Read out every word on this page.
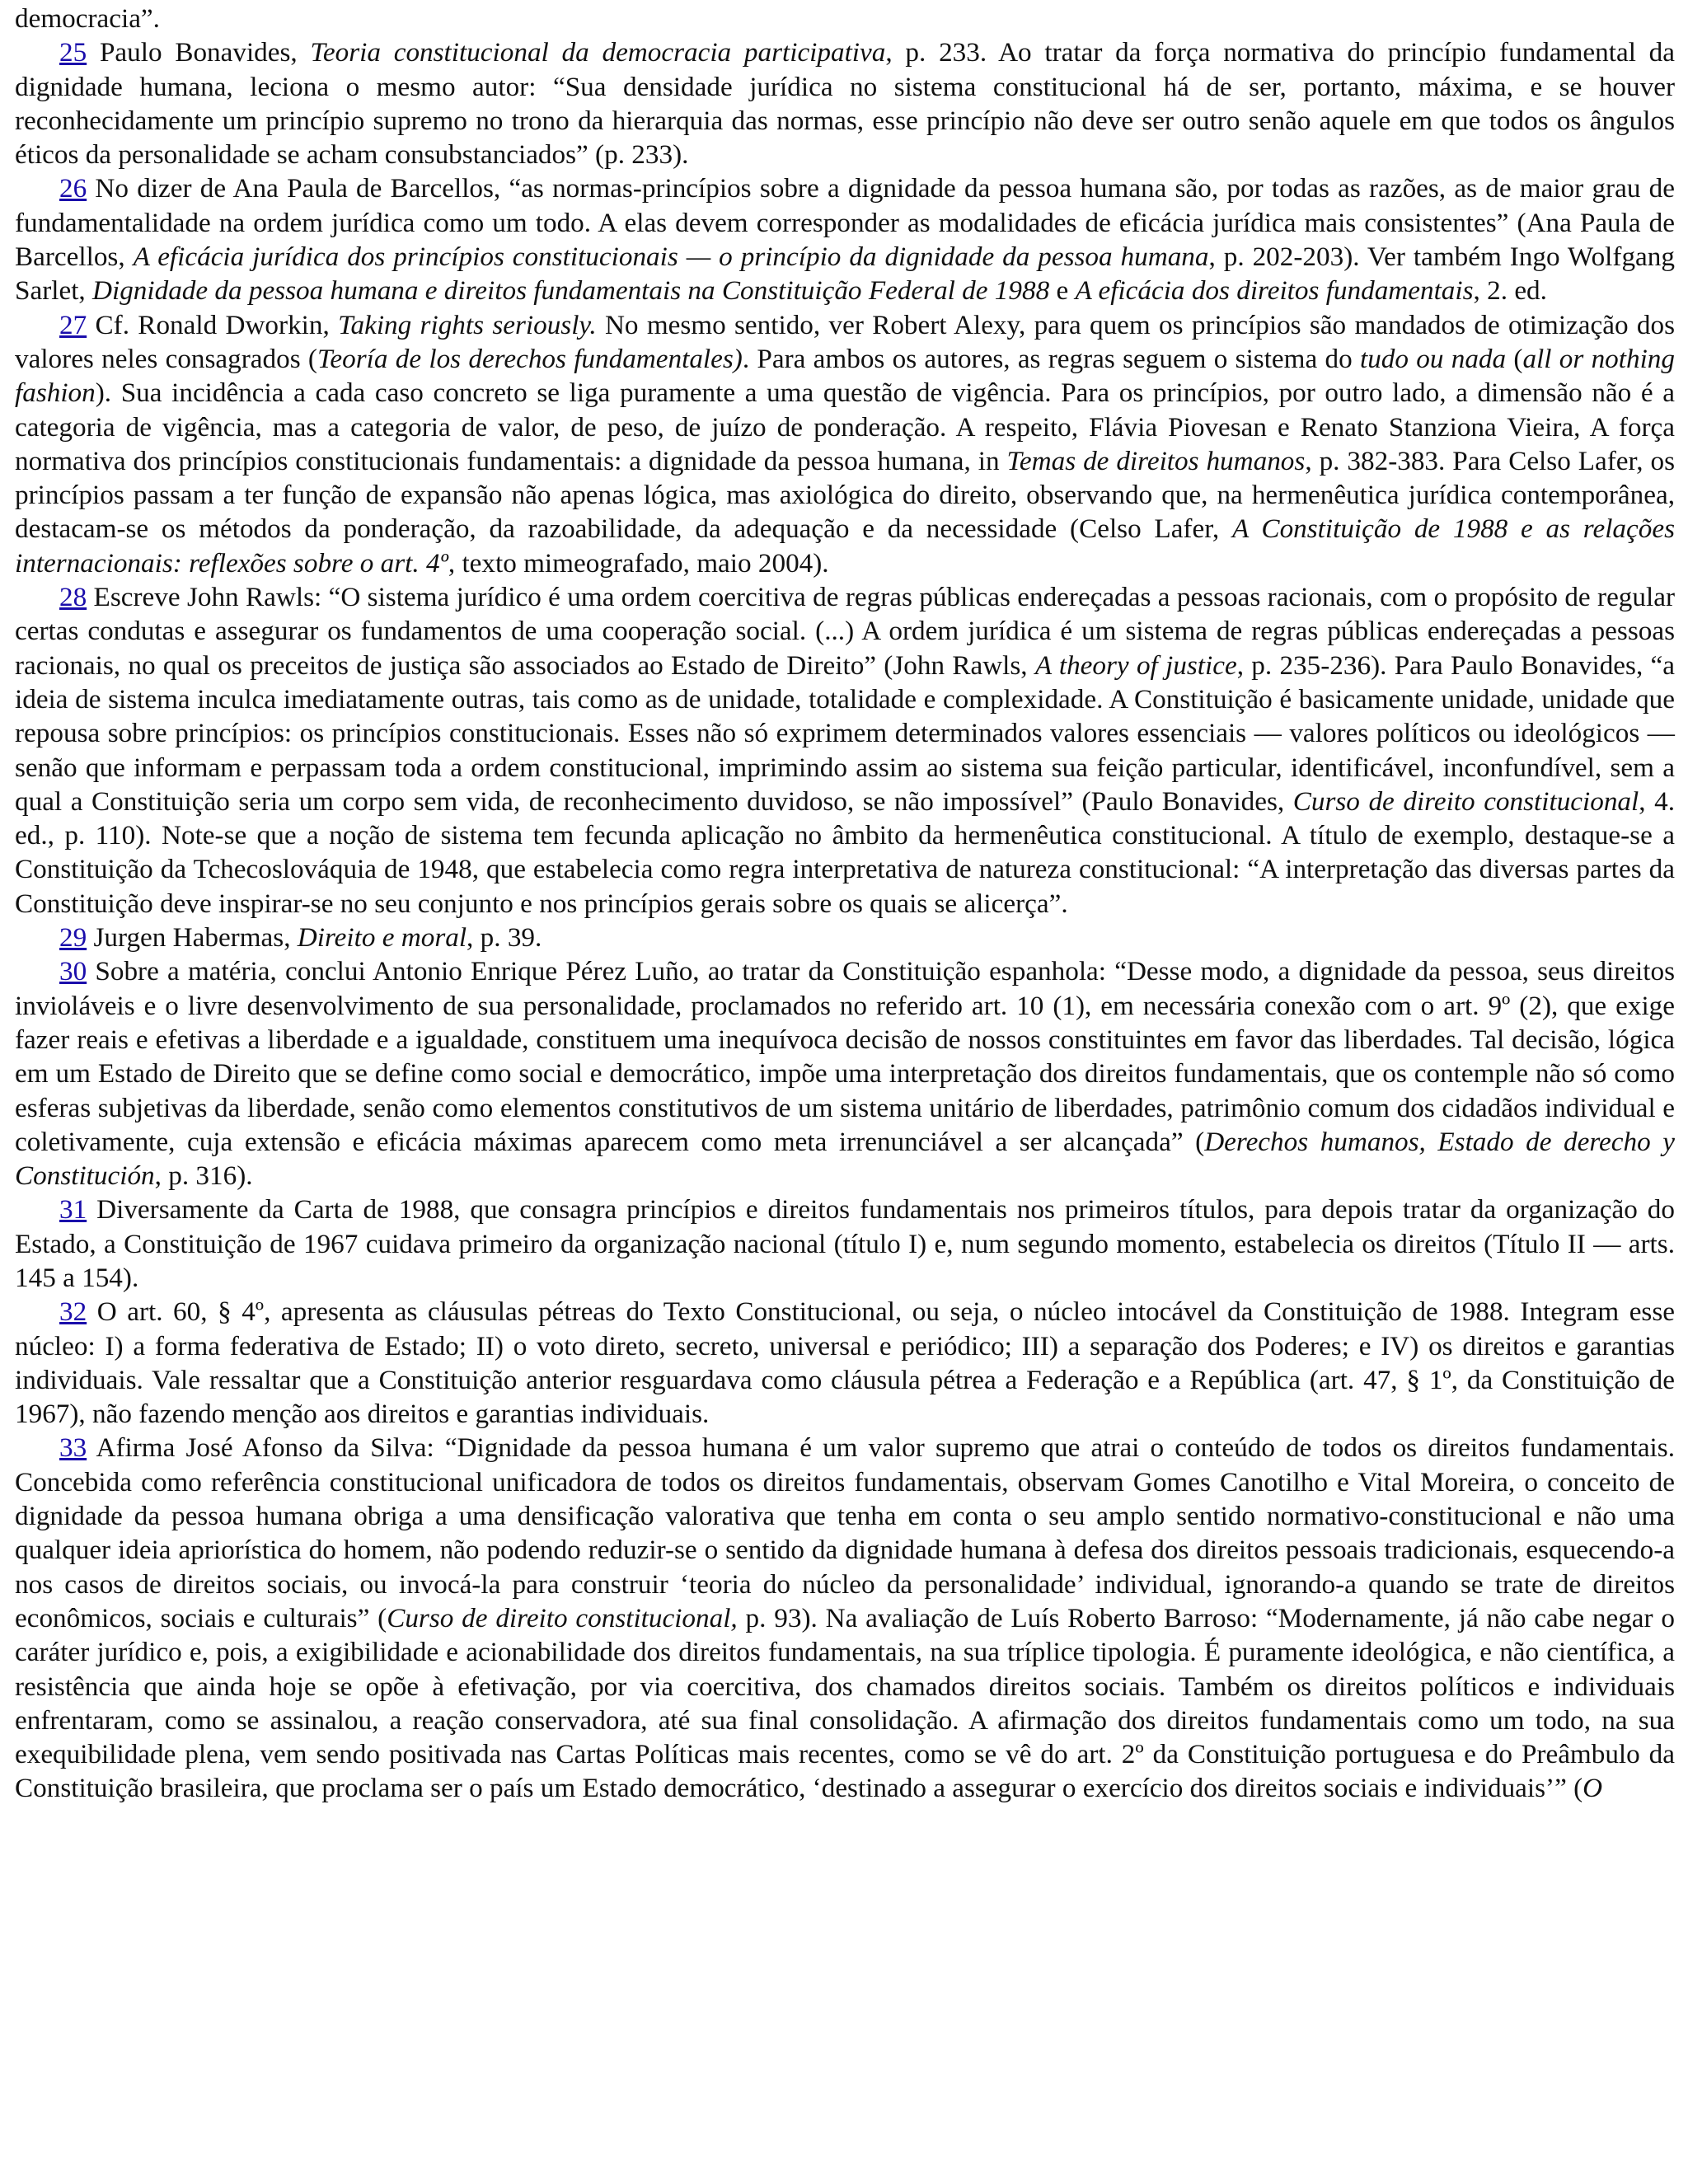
democracia”.

25 Paulo Bonavides, Teoria constitucional da democracia participativa, p. 233. Ao tratar da força normativa do princípio fundamental da dignidade humana, leciona o mesmo autor: “Sua densidade jurídica no sistema constitucional há de ser, portanto, máxima, e se houver reconhecidamente um princípio supremo no trono da hierarquia das normas, esse princípio não deve ser outro senão aquele em que todos os ângulos éticos da personalidade se acham consubstanciados” (p. 233).

26 No dizer de Ana Paula de Barcellos, “as normas-princípios sobre a dignidade da pessoa humana são, por todas as razões, as de maior grau de fundamentalidade na ordem jurídica como um todo. A elas devem corresponder as modalidades de eficácia jurídica mais consistentes” (Ana Paula de Barcellos, A eficácia jurídica dos princípios constitucionais — o princípio da dignidade da pessoa humana, p. 202-203). Ver também Ingo Wolfgang Sarlet, Dignidade da pessoa humana e direitos fundamentais na Constituição Federal de 1988 e A eficácia dos direitos fundamentais, 2. ed.

27 Cf. Ronald Dworkin, Taking rights seriously. No mesmo sentido, ver Robert Alexy, para quem os princípios são mandados de otimização dos valores neles consagrados (Teoría de los derechos fundamentales). Para ambos os autores, as regras seguem o sistema do tudo ou nada (all or nothing fashion). Sua incidência a cada caso concreto se liga puramente a uma questão de vigência. Para os princípios, por outro lado, a dimensão não é a categoria de vigência, mas a categoria de valor, de peso, de juízo de ponderação. A respeito, Flávia Piovesan e Renato Stanziona Vieira, A força normativa dos princípios constitucionais fundamentais: a dignidade da pessoa humana, in Temas de direitos humanos, p. 382-383. Para Celso Lafer, os princípios passam a ter função de expansão não apenas lógica, mas axiológica do direito, observando que, na hermenêutica jurídica contemporânea, destacam-se os métodos da ponderação, da razoabilidade, da adequação e da necessidade (Celso Lafer, A Constituição de 1988 e as relações internacionais: reflexões sobre o art. 4º, texto mimeografado, maio 2004).

28 Escreve John Rawls: “O sistema jurídico é uma ordem coercitiva de regras públicas endereçadas a pessoas racionais, com o propósito de regular certas condutas e assegurar os fundamentos de uma cooperação social. (...) A ordem jurídica é um sistema de regras públicas endereçadas a pessoas racionais, no qual os preceitos de justiça são associados ao Estado de Direito” (John Rawls, A theory of justice, p. 235-236). Para Paulo Bonavides, “a ideia de sistema inculca imediatamente outras, tais como as de unidade, totalidade e complexidade. A Constituição é basicamente unidade, unidade que repousa sobre princípios: os princípios constitucionais. Esses não só exprimem determinados valores essenciais — valores políticos ou ideológicos — senão que informam e perpassam toda a ordem constitucional, imprimindo assim ao sistema sua feição particular, identificável, inconfundível, sem a qual a Constituição seria um corpo sem vida, de reconhecimento duvidoso, se não impossível” (Paulo Bonavides, Curso de direito constitucional, 4. ed., p. 110). Note-se que a noção de sistema tem fecunda aplicação no âmbito da hermenêutica constitucional. A título de exemplo, destaque-se a Constituição da Tchecoslováquia de 1948, que estabelecia como regra interpretativa de natureza constitucional: “A interpretação das diversas partes da Constituição deve inspirar-se no seu conjunto e nos princípios gerais sobre os quais se alicerça”.

29 Jurgen Habermas, Direito e moral, p. 39.

30 Sobre a matéria, conclui Antonio Enrique Pérez Luño, ao tratar da Constituição espanhola: “Desse modo, a dignidade da pessoa, seus direitos invioláveis e o livre desenvolvimento de sua personalidade, proclamados no referido art. 10 (1), em necessária conexão com o art. 9º (2), que exige fazer reais e efetivas a liberdade e a igualdade, constituem uma inequívoca decisão de nossos constituintes em favor das liberdades. Tal decisão, lógica em um Estado de Direito que se define como social e democrático, impõe uma interpretação dos direitos fundamentais, que os contemple não só como esferas subjetivas da liberdade, senão como elementos constitutivos de um sistema unitário de liberdades, patrimônio comum dos cidadãos individual e coletivamente, cuja extensão e eficácia máximas aparecem como meta irrenunciável a ser alcançada” (Derechos humanos, Estado de derecho y Constitución, p. 316).

31 Diversamente da Carta de 1988, que consagra princípios e direitos fundamentais nos primeiros títulos, para depois tratar da organização do Estado, a Constituição de 1967 cuidava primeiro da organização nacional (título I) e, num segundo momento, estabelecia os direitos (Título II — arts. 145 a 154).

32 O art. 60, § 4º, apresenta as cláusulas pétreas do Texto Constitucional, ou seja, o núcleo intocável da Constituição de 1988. Integram esse núcleo: I) a forma federativa de Estado; II) o voto direto, secreto, universal e periódico; III) a separação dos Poderes; e IV) os direitos e garantias individuais. Vale ressaltar que a Constituição anterior resguardava como cláusula pétrea a Federação e a República (art. 47, § 1º, da Constituição de 1967), não fazendo menção aos direitos e garantias individuais.

33 Afirma José Afonso da Silva: “Dignidade da pessoa humana é um valor supremo que atrai o conteúdo de todos os direitos fundamentais. Concebida como referência constitucional unificadora de todos os direitos fundamentais, observam Gomes Canotilho e Vital Moreira, o conceito de dignidade da pessoa humana obriga a uma densificação valorativa que tenha em conta o seu amplo sentido normativo-constitucional e não uma qualquer ideia apriorística do homem, não podendo reduzir-se o sentido da dignidade humana à defesa dos direitos pessoais tradicionais, esquecendo-a nos casos de direitos sociais, ou invocá-la para construir ‘teoria do núcleo da personalidade’ individual, ignorando-a quando se trate de direitos econômicos, sociais e culturais” (Curso de direito constitucional, p. 93). Na avaliação de Luís Roberto Barroso: “Modernamente, já não cabe negar o caráter jurídico e, pois, a exigibilidade e acionabilidade dos direitos fundamentais, na sua tríplice tipologia. É puramente ideológica, e não científica, a resistência que ainda hoje se opõe à efetivação, por via coercitiva, dos chamados direitos sociais. Também os direitos políticos e individuais enfrentaram, como se assinalou, a reação conservadora, até sua final consolidação. A afirmação dos direitos fundamentais como um todo, na sua exequibilidade plena, vem sendo positivada nas Cartas Políticas mais recentes, como se vê do art. 2º da Constituição portuguesa e do Preâmbulo da Constituição brasileira, que proclama ser o país um Estado democrático, ‘destinado a assegurar o exercício dos direitos sociais e individuais’” (O
